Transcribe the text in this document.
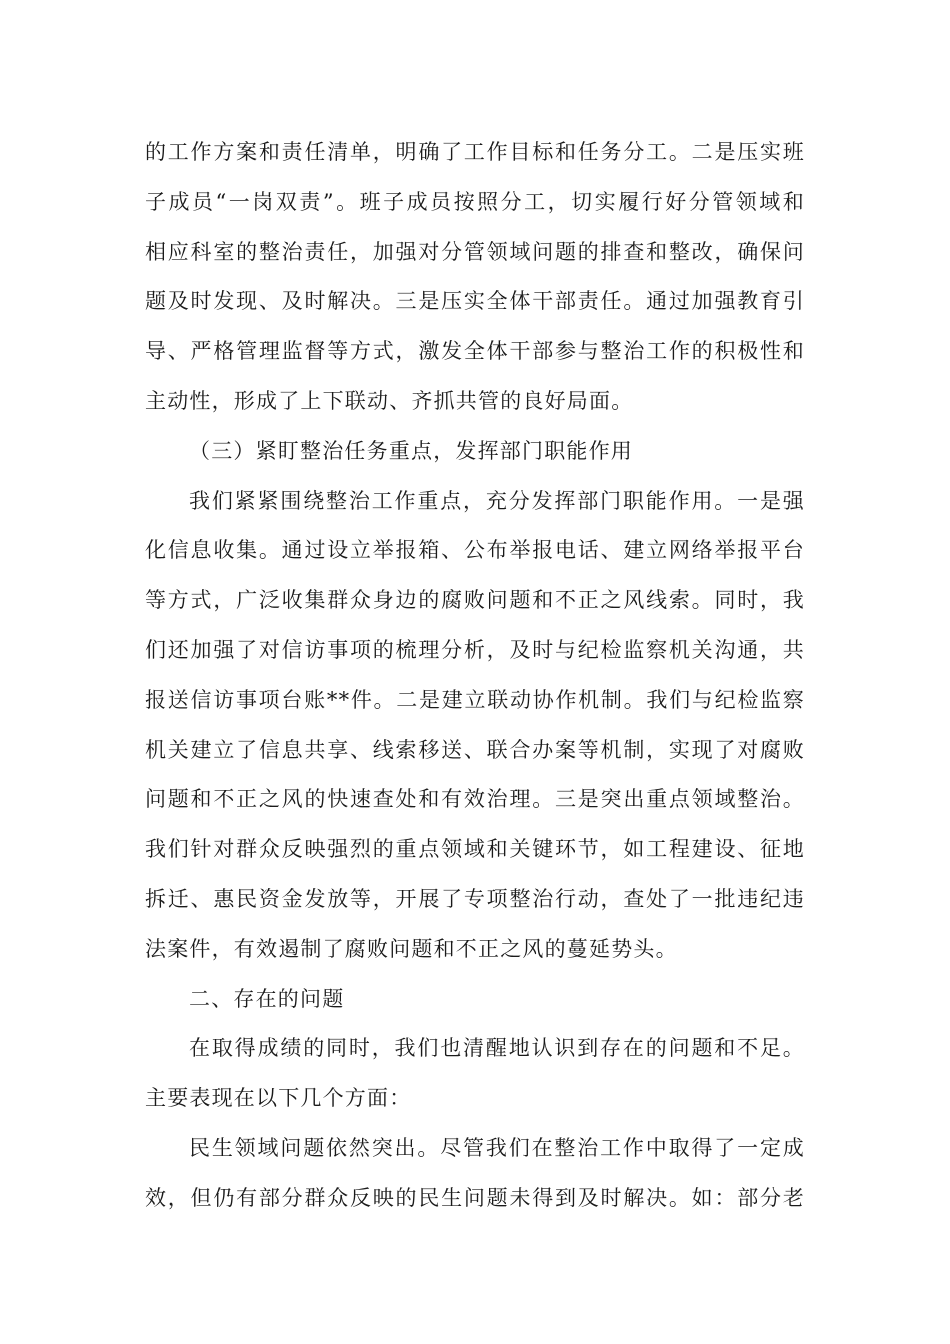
的工作方案和责任清单，明确了工作目标和任务分工。二是压实班
子成员“一岗双责”。班子成员按照分工，切实履行好分管领域和
相应科室的整治责任，加强对分管领域问题的排查和整改，确保问
题及时发现、及时解决。三是压实全体干部责任。通过加强教育引
导、严格管理监督等方式，激发全体干部参与整治工作的积极性和
主动性，形成了上下联动、齐抓共管的良好局面。
（三）紧盯整治任务重点，发挥部门职能作用
我们紧紧围绕整治工作重点，充分发挥部门职能作用。一是强
化信息收集。通过设立举报箱、公布举报电话、建立网络举报平台
等方式，广泛收集群众身边的腐败问题和不正之风线索。同时，我
们还加强了对信访事项的梳理分析，及时与纪检监察机关沟通，共
报送信访事项台账**件。二是建立联动协作机制。我们与纪检监察
机关建立了信息共享、线索移送、联合办案等机制，实现了对腐败
问题和不正之风的快速查处和有效治理。三是突出重点领域整治。
我们针对群众反映强烈的重点领域和关键环节，如工程建设、征地
拆迁、惠民资金发放等，开展了专项整治行动，查处了一批违纪违
法案件，有效遏制了腐败问题和不正之风的蔓延势头。
二、存在的问题
在取得成绩的同时，我们也清醒地认识到存在的问题和不足。
主要表现在以下几个方面：
民生领域问题依然突出。尽管我们在整治工作中取得了一定成
效，但仍有部分群众反映的民生问题未得到及时解决。如：部分老
